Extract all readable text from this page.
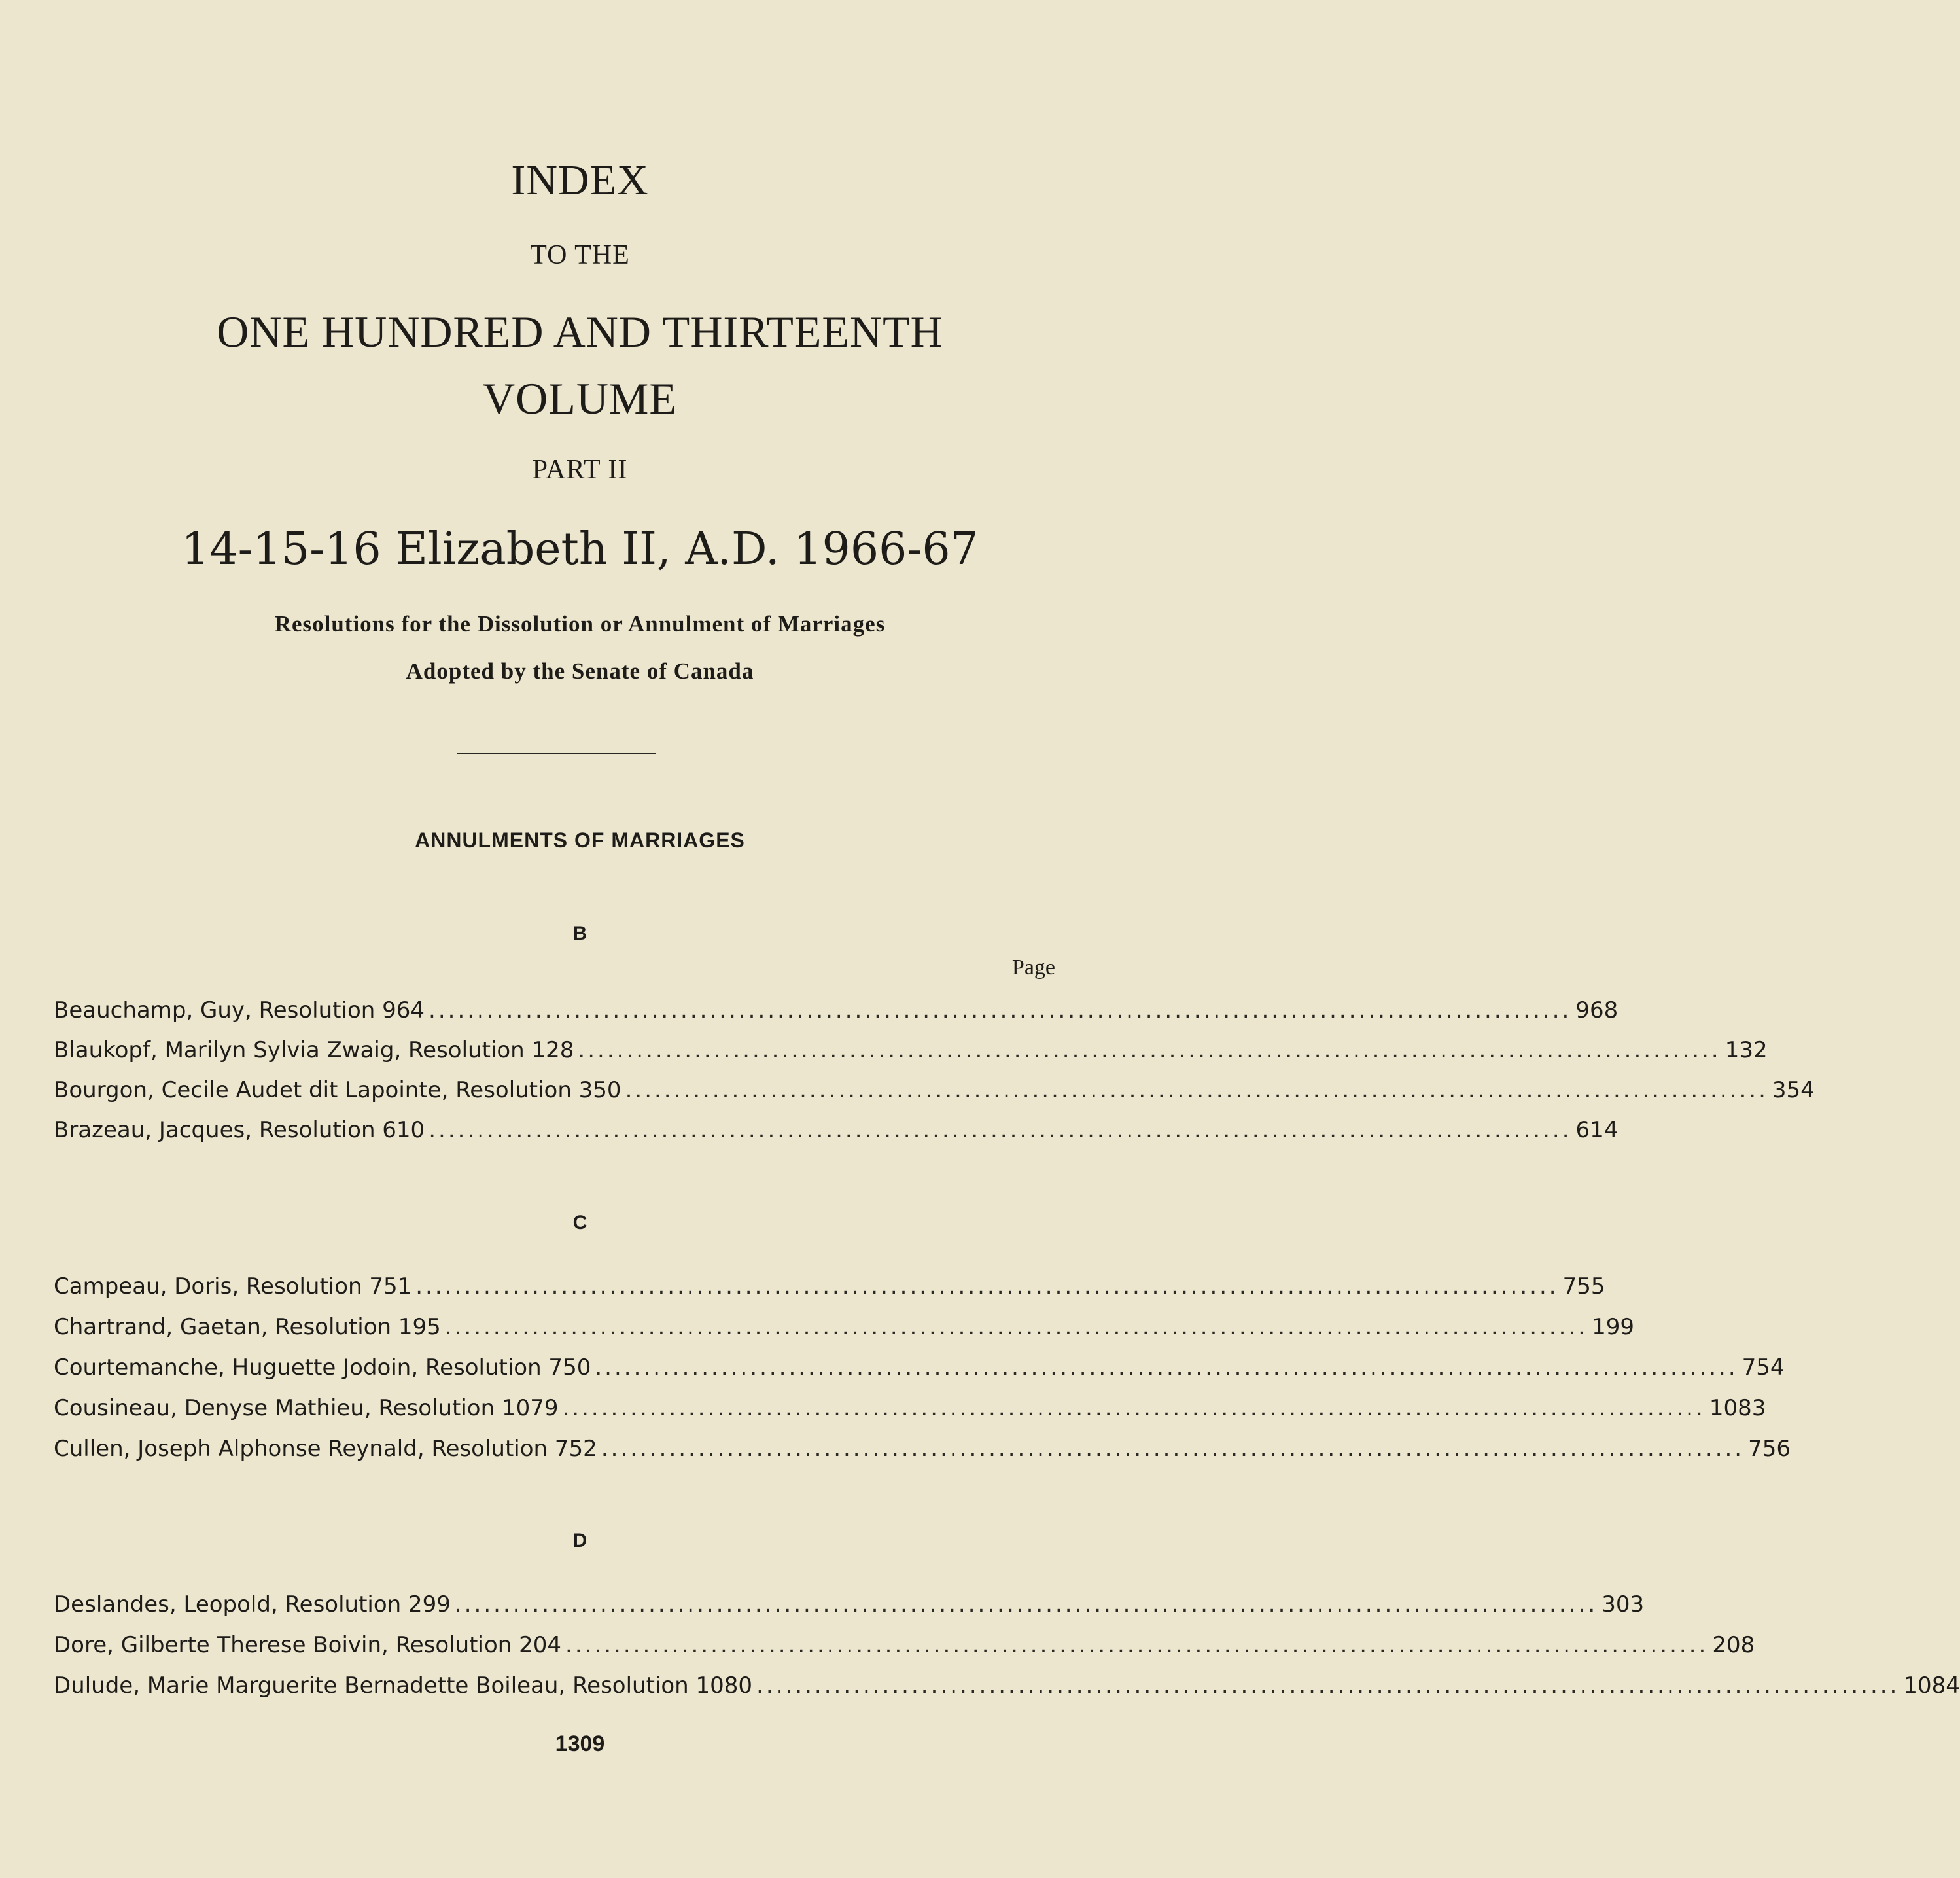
INDEX
TO THE
ONE HUNDRED AND THIRTEENTH
VOLUME
PART II
14-15-16 Elizabeth II, A.D. 1966-67
Resolutions for the Dissolution or Annulment of Marriages
Adopted by the Senate of Canada
ANNULMENTS OF MARRIAGES
B
Page
Beauchamp, Guy, Resolution 964 ...................................................................................................................... 968
Blaukopf, Marilyn Sylvia Zwaig, Resolution 128 ...................................................................................................................... 132
Bourgon, Cecile Audet dit Lapointe, Resolution 350 ...................................................................................................................... 354
Brazeau, Jacques, Resolution 610 ...................................................................................................................... 614
C
Campeau, Doris, Resolution 751 ...................................................................................................................... 755
Chartrand, Gaetan, Resolution 195 ...................................................................................................................... 199
Courtemanche, Huguette Jodoin, Resolution 750 ...................................................................................................................... 754
Cousineau, Denyse Mathieu, Resolution 1079 ...................................................................................................................... 1083
Cullen, Joseph Alphonse Reynald, Resolution 752 ...................................................................................................................... 756
D
Deslandes, Leopold, Resolution 299 ...................................................................................................................... 303
Dore, Gilberte Therese Boivin, Resolution 204 ...................................................................................................................... 208
Dulude, Marie Marguerite Bernadette Boileau, Resolution 1080 ...................................................................................................................... 1084
1309
